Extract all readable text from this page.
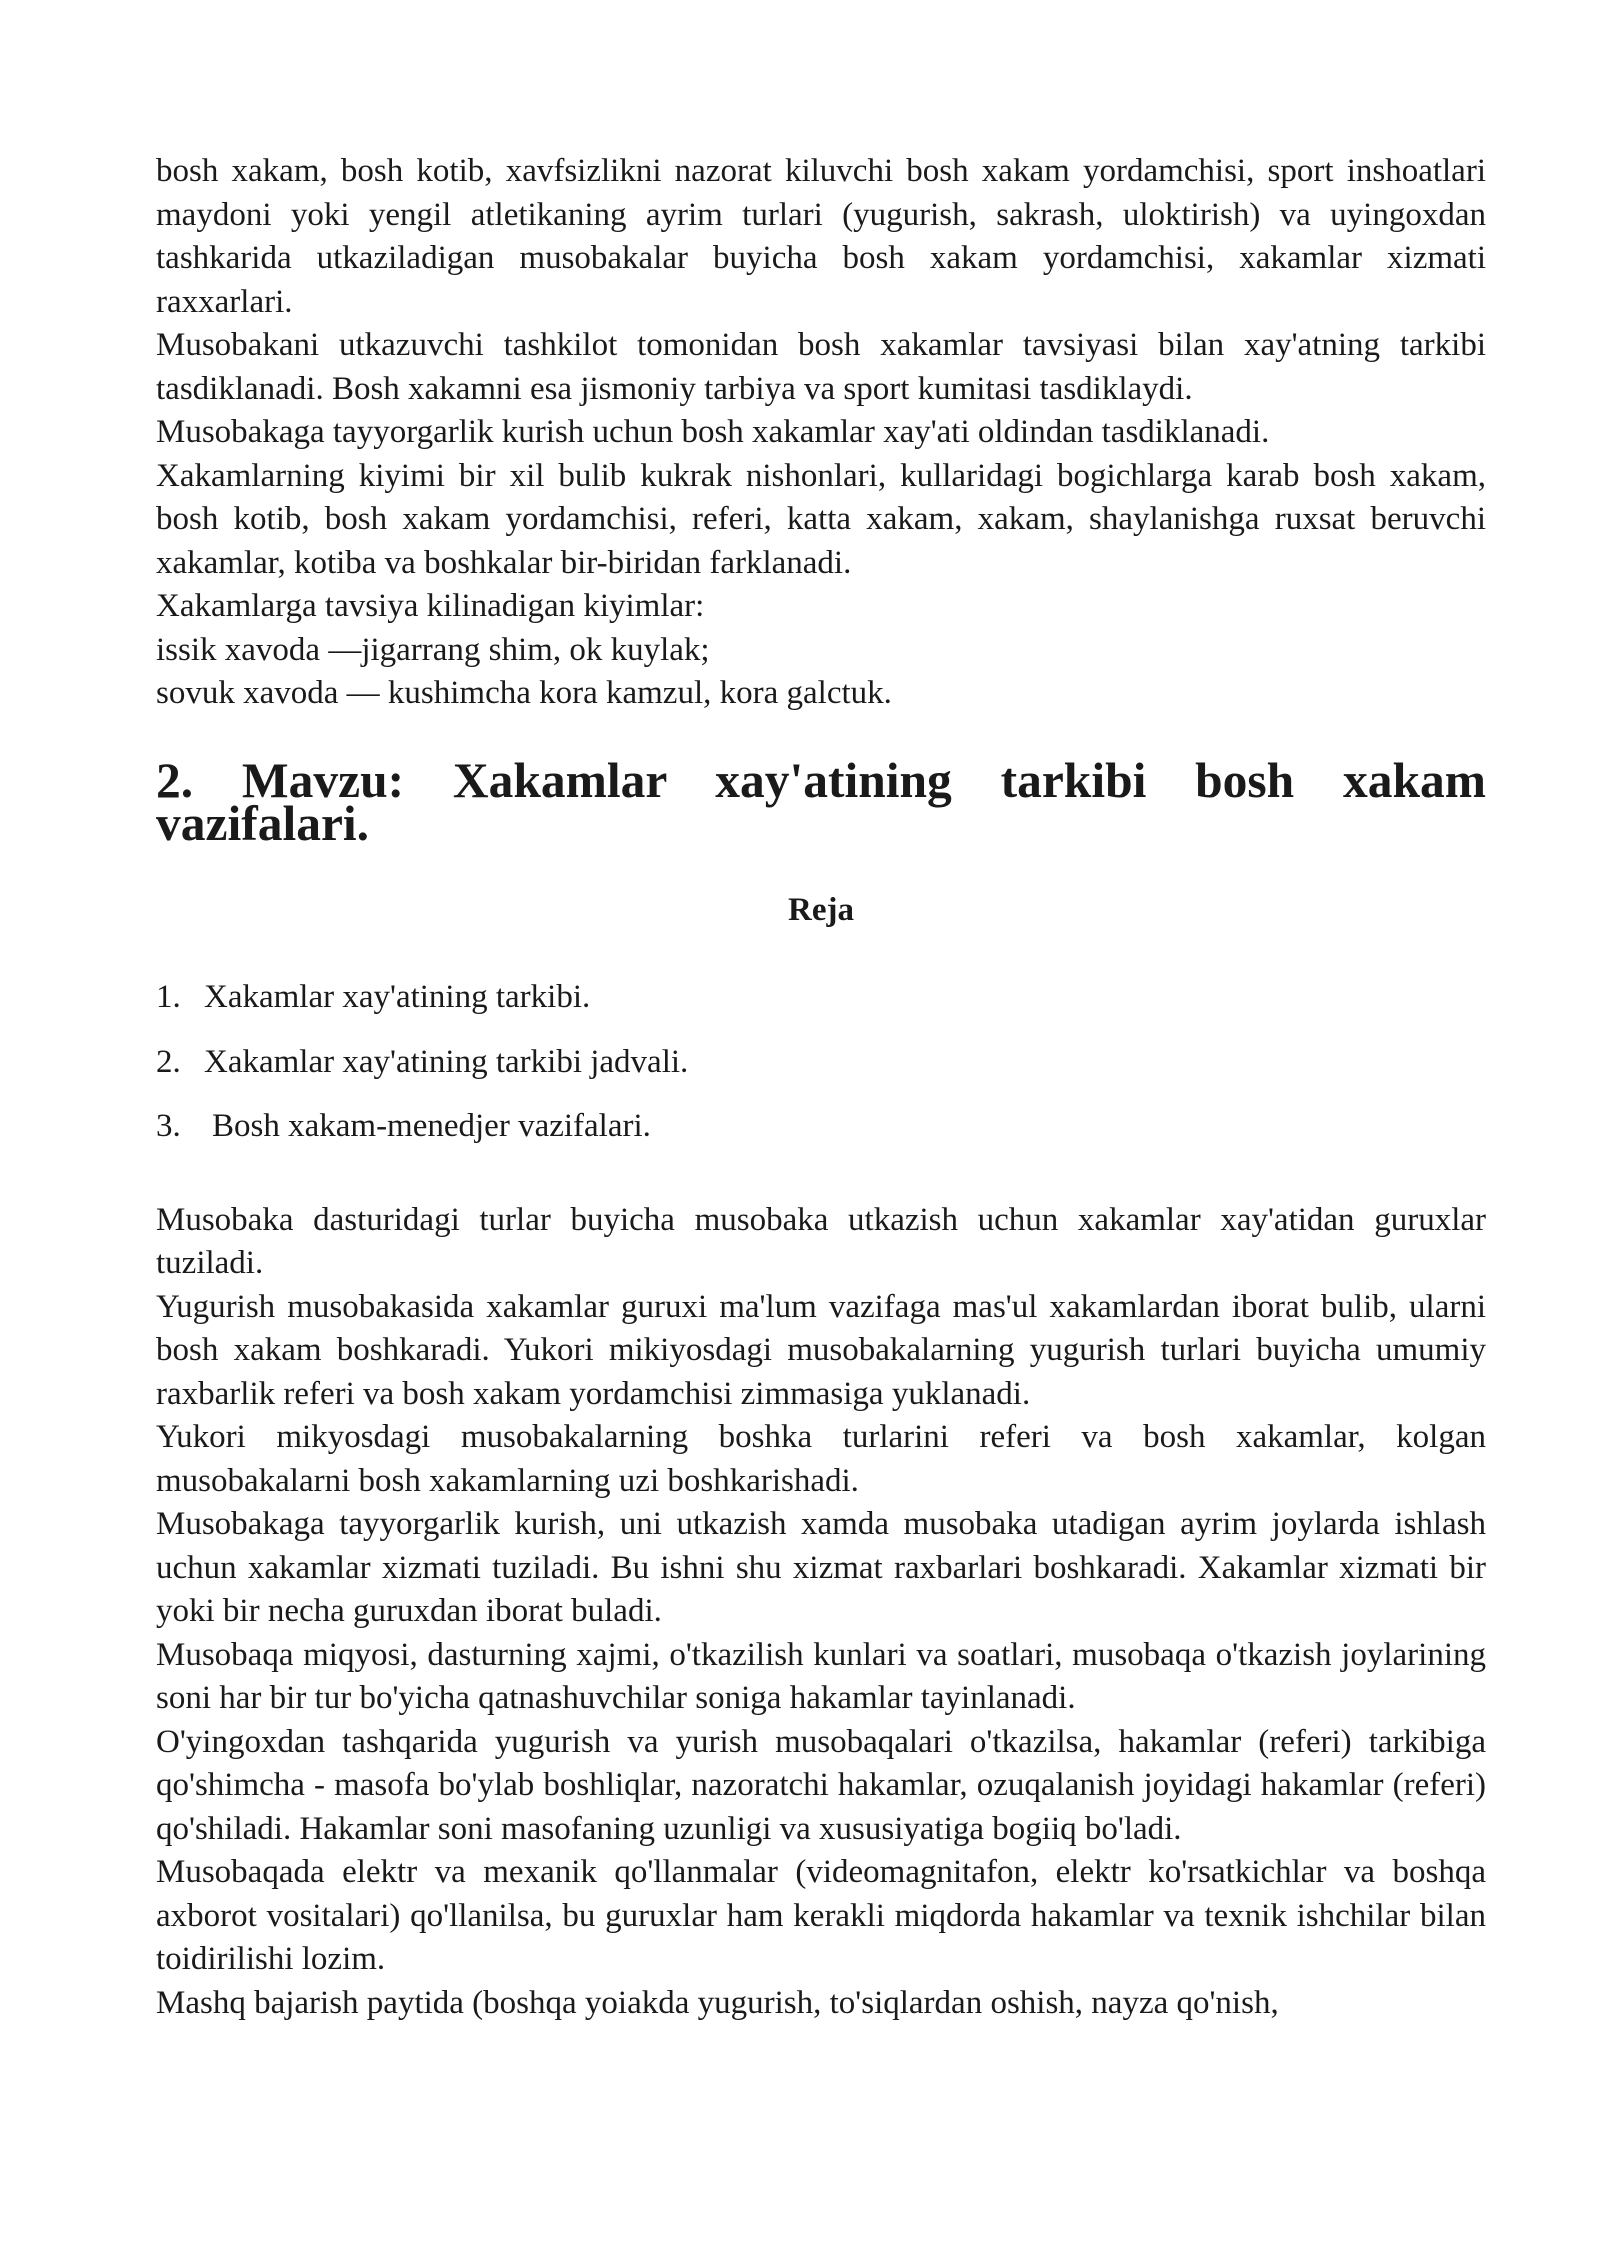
bosh xakam, bosh kotib, xavfsizlikni nazorat kiluvchi bosh xakam yordamchisi, sport inshoatlari maydoni yoki yengil atletikaning ayrim turlari (yugurish, sakrash, uloktirish) va uyingoxdan tashkarida utkaziladigan musobakalar buyicha bosh xakam yordamchisi, xakamlar xizmati raxxarlari.

Musobakani utkazuvchi tashkilot tomonidan bosh xakamlar tavsiyasi bilan xay'atning tarkibi tasdiklanadi. Bosh xakamni esa jismoniy tarbiya va sport kumitasi tasdiklaydi.

Musobakaga tayyorgarlik kurish uchun bosh xakamlar xay'ati oldindan tasdiklanadi.

Xakamlarning kiyimi bir xil bulib kukrak nishonlari, kullaridagi bogichlarga karab bosh xakam, bosh kotib, bosh xakam yordamchisi, referi, katta xakam, xakam, shaylanishga ruxsat beruvchi xakamlar, kotiba va boshkalar bir-biridan farklanadi.

Xakamlarga tavsiya kilinadigan kiyimlar:

issik xavoda —jigarrang shim, ok kuylak;

sovuk xavoda — kushimcha kora kamzul, kora galctuk.

2. Mavzu: Xakamlar xay'atining tarkibi bosh xakam vazifalari.
Reja
1. Xakamlar xay'atining tarkibi.
2. Xakamlar xay'atining tarkibi jadvali.
3. Bosh xakam-menedjer vazifalari.

Musobaka dasturidagi turlar buyicha musobaka utkazish uchun xakamlar xay'atidan guruxlar tuziladi.

Yugurish musobakasida xakamlar guruxi ma'lum vazifaga mas'ul xakamlardan iborat bulib, ularni bosh xakam boshkaradi. Yukori mikiyosdagi musobakalarning yugurish turlari buyicha umumiy raxbarlik referi va bosh xakam yordamchisi zimmasiga yuklanadi.

Yukori mikyosdagi musobakalarning boshka turlarini referi va bosh xakamlar, kolgan musobakalarni bosh xakamlarning uzi boshkarishadi.

Musobakaga tayyorgarlik kurish, uni utkazish xamda musobaka utadigan ayrim joylarda ishlash uchun xakamlar xizmati tuziladi. Bu ishni shu xizmat raxbarlari boshkaradi. Xakamlar xizmati bir yoki bir necha guruxdan iborat buladi.

Musobaqa miqyosi, dasturning xajmi, o'tkazilish kunlari va soatlari, musobaqa o'tkazish joylarining soni har bir tur bo'yicha qatnashuvchilar soniga hakamlar tayinlanadi.

O'yingoxdan tashqarida yugurish va yurish musobaqalari o'tkazilsa, hakamlar (referi) tarkibiga qo'shimcha - masofa bo'ylab boshliqlar, nazoratchi hakamlar, ozuqalanish joyidagi hakamlar (referi) qo'shiladi. Hakamlar soni masofaning uzunligi va xususiyatiga bogiiq bo'ladi.

Musobaqada elektr va mexanik qo'llanmalar (videomagnitafon, elektr ko'rsatkichlar va boshqa axborot vositalari) qo'llanilsa, bu guruxlar ham kerakli miqdorda hakamlar va texnik ishchilar bilan toidirilishi lozim.

Mashq bajarish paytida (boshqa yoiakda yugurish, to'siqlardan oshish, nayza qo'nish,
